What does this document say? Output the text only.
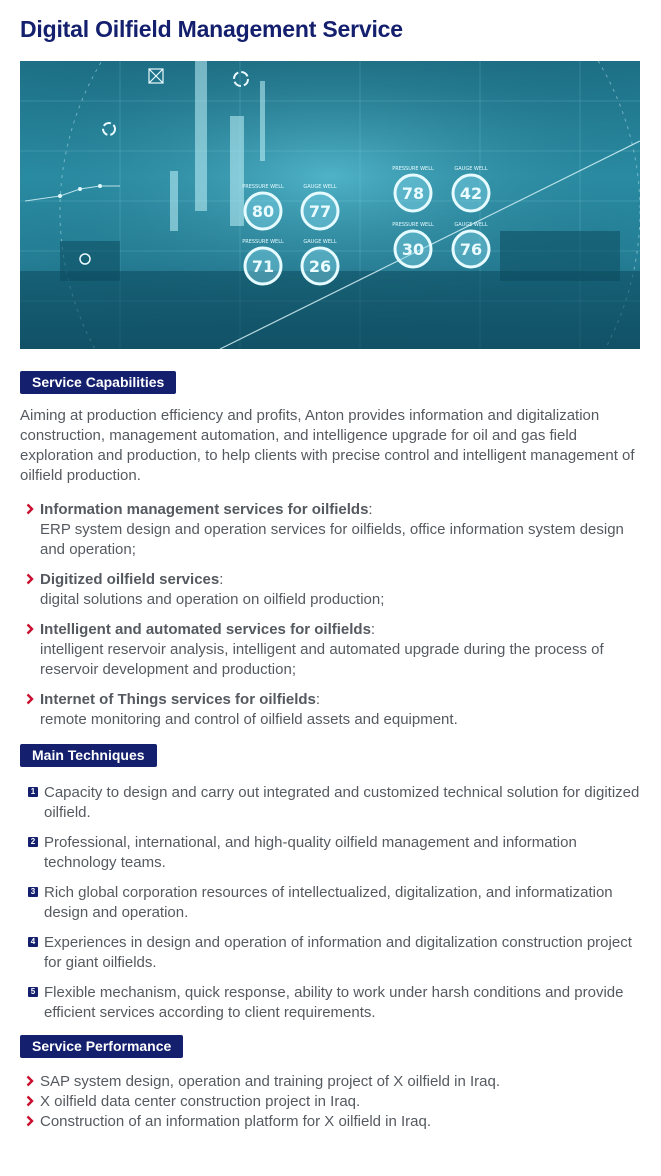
Digital Oilfield Management Service
PRESSURE WELL
80
GAUGE WELL
77
PRESSURE WELL
71
GAUGE WELL
26
PRESSURE WELL
78
GAUGE WELL
42
PRESSURE WELL
30
GAUGE WELL
76
Service Capabilities

Aiming at production efficiency and profits, Anton provides information and digitalization construction, management automation, and intelligence upgrade for oil and gas field exploration and production, to help clients with precise control and intelligent management of oilfield production.

Information management services for oilfields:
ERP system design and operation services for oilfields, office information system design and operation;
Digitized oilfield services:
digital solutions and operation on oilfield production;
Intelligent and automated services for oilfields:
intelligent reservoir analysis, intelligent and automated upgrade during the process of reservoir development and production;
Internet of Things services for oilfields:
remote monitoring and control of oilfield assets and equipment.
Main Techniques
1 Capacity to design and carry out integrated and customized technical solution for digitized oilfield.
2 Professional, international, and high-quality oilfield management and information technology teams.
3 Rich global corporation resources of intellectualized, digitalization, and informatization design and operation.
4 Experiences in design and operation of information and digitalization construction project for giant oilfields.
5 Flexible mechanism, quick response, ability to work under harsh conditions and provide efficient services according to client requirements.
Service Performance
SAP system design, operation and training project of X oilfield in Iraq.
X oilfield data center construction project in Iraq.
Construction of an information platform for X oilfield in Iraq.
